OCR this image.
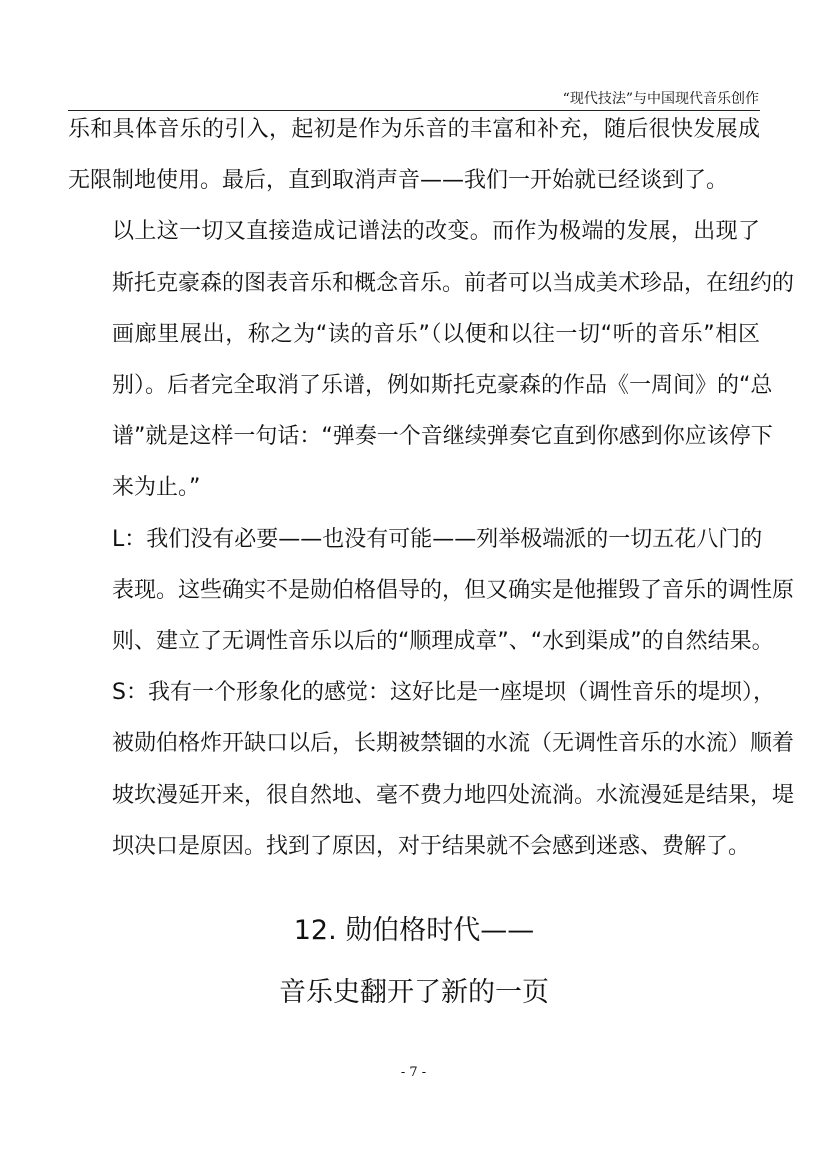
“现代技法”与中国现代音乐创作

乐和具体音乐的引入，起初是作为乐音的丰富和补充，随后很快发展成
无限制地使用。最后，直到取消声音——我们一开始就已经谈到了。

以上这一切又直接造成记谱法的改变。而作为极端的发展，出现了
斯托克豪森的图表音乐和概念音乐。前者可以当成美术珍品，在纽约的
画廊里展出，称之为“读的音乐”（以便和以往一切“听的音乐”相区
别）。后者完全取消了乐谱，例如斯托克豪森的作品《一周间》的“总
谱”就是这样一句话：“弹奏一个音继续弹奏它直到你感到你应该停下
来为止。”

L：我们没有必要——也没有可能——列举极端派的一切五花八门的
表现。这些确实不是勋伯格倡导的，但又确实是他摧毁了音乐的调性原
则、建立了无调性音乐以后的“顺理成章”、“水到渠成”的自然结果。

S：我有一个形象化的感觉：这好比是一座堤坝（调性音乐的堤坝），
被勋伯格炸开缺口以后，长期被禁锢的水流（无调性音乐的水流）顺着
坡坎漫延开来，很自然地、毫不费力地四处流淌。水流漫延是结果，堤
坝决口是原因。找到了原因，对于结果就不会感到迷惑、费解了。

12. 勋伯格时代——
音乐史翻开了新的一页
- 7 -
